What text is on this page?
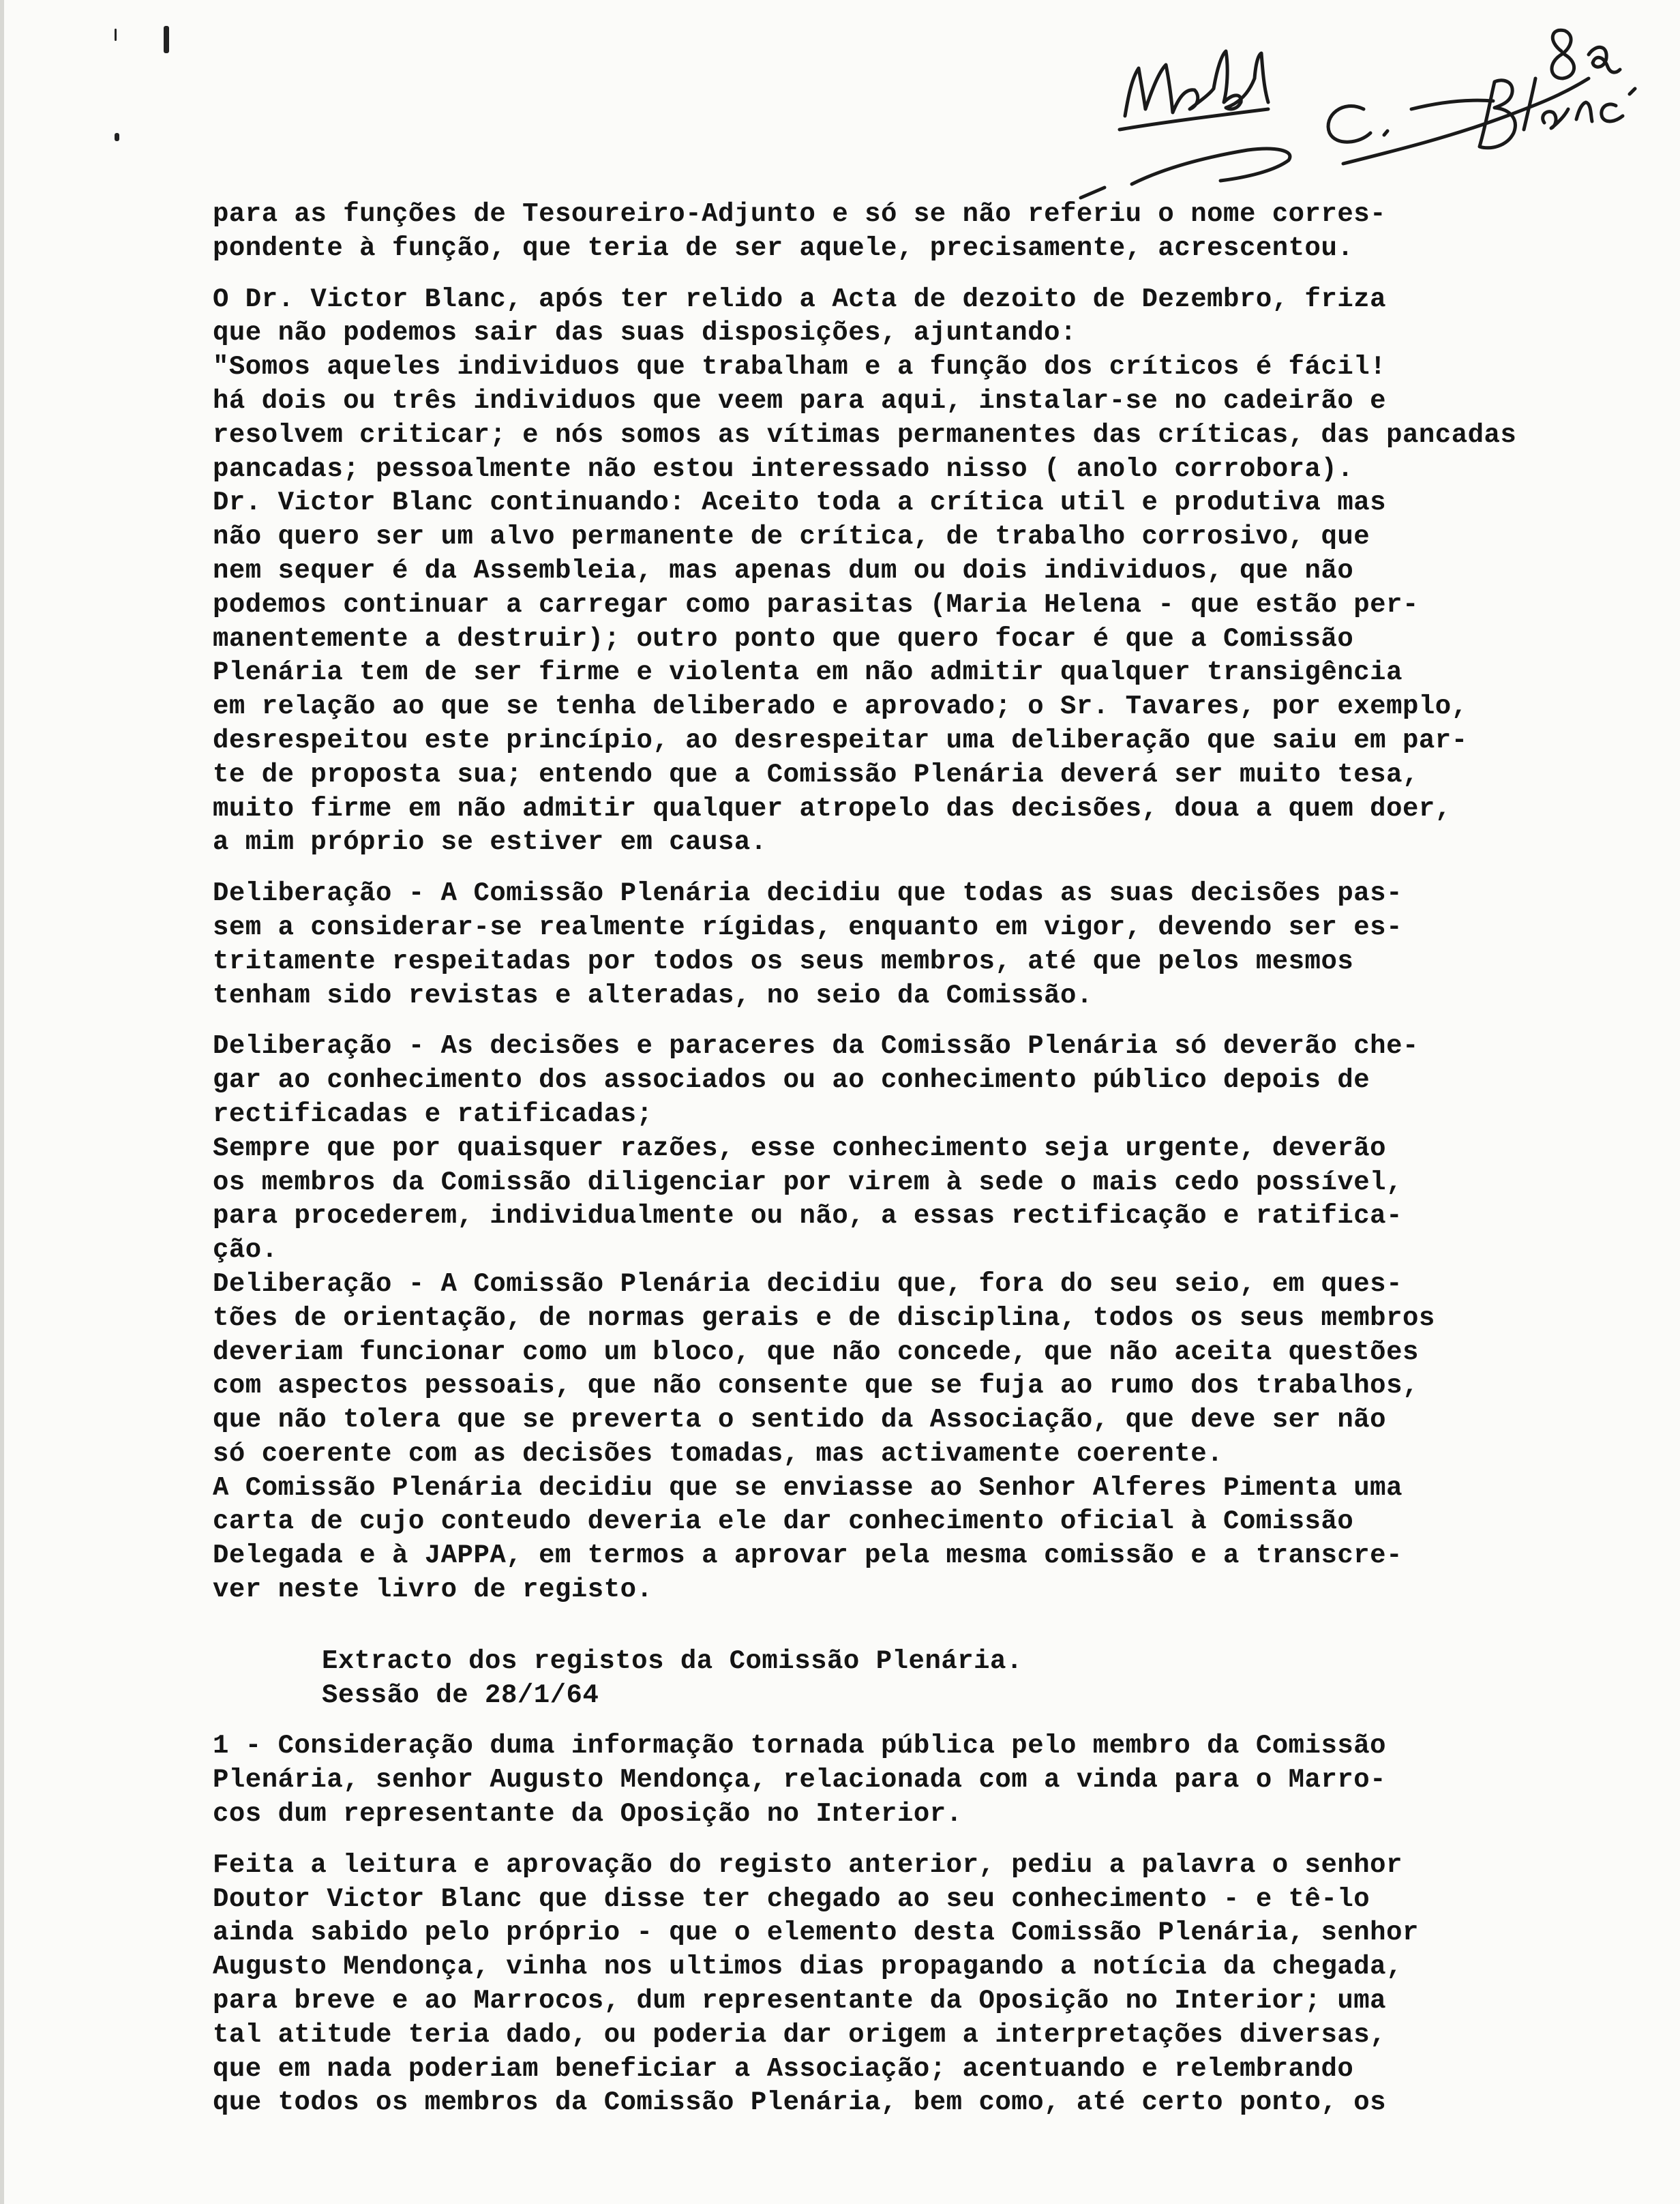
para as funções de Tesoureiro-Adjunto e só se não referiu o nome corres-
pondente à função, que teria de ser aquele, precisamente, acrescentou.

O Dr. Victor Blanc, após ter relido a Acta de dezoito de Dezembro, friza
que não podemos sair das suas disposições, ajuntando:
"Somos aqueles individuos que trabalham e a função dos críticos é fácil!
há dois ou três individuos que veem para aqui, instalar-se no cadeirão e
resolvem criticar; e nós somos as vítimas permanentes das críticas, das pancadas
pancadas; pessoalmente não estou interessado nisso ( anolo corrobora).
Dr. Victor Blanc continuando: Aceito toda a crítica util e produtiva mas
não quero ser um alvo permanente de crítica, de trabalho corrosivo, que
nem sequer é da Assembleia, mas apenas dum ou dois individuos, que não
podemos continuar a carregar como parasitas (Maria Helena - que estão per-
manentemente a destruir); outro ponto que quero focar é que a Comissão
Plenária tem de ser firme e violenta em não admitir qualquer transigência
em relação ao que se tenha deliberado e aprovado; o Sr. Tavares, por exemplo,
desrespeitou este princípio, ao desrespeitar uma deliberação que saiu em par-
te de proposta sua; entendo que a Comissão Plenária deverá ser muito tesa,
muito firme em não admitir qualquer atropelo das decisões, doua a quem doer,
a mim próprio se estiver em causa.

Deliberação - A Comissão Plenária decidiu que todas as suas decisões pas-
sem a considerar-se realmente rígidas, enquanto em vigor, devendo ser es-
tritamente respeitadas por todos os seus membros, até que pelos mesmos
tenham sido revistas e alteradas, no seio da Comissão.

Deliberação - As decisões e paraceres da Comissão Plenária só deverão che-
gar ao conhecimento dos associados ou ao conhecimento público depois de
rectificadas e ratificadas;
Sempre que por quaisquer razões, esse conhecimento seja urgente, deverão
os membros da Comissão diligenciar por virem à sede o mais cedo possível,
para procederem, individualmente ou não, a essas rectificação e ratifica-
ção.
Deliberação - A Comissão Plenária decidiu que, fora do seu seio, em ques-
tões de orientação, de normas gerais e de disciplina, todos os seus membros
deveriam funcionar como um bloco, que não concede, que não aceita questões
com aspectos pessoais, que não consente que se fuja ao rumo dos trabalhos,
que não tolera que se preverta o sentido da Associação, que deve ser não
só coerente com as decisões tomadas, mas activamente coerente.
A Comissão Plenária decidiu que se enviasse ao Senhor Alferes Pimenta uma
carta de cujo conteudo deveria ele dar conhecimento oficial à Comissão
Delegada e à JAPPA, em termos a aprovar pela mesma comissão e a transcre-
ver neste livro de registo.

Extracto dos registos da Comissão Plenária.
Sessão de 28/1/64

1 - Consideração duma informação tornada pública pelo membro da Comissão
Plenária, senhor Augusto Mendonça, relacionada com a vinda para o Marro-
cos dum representante da Oposição no Interior.

Feita a leitura e aprovação do registo anterior, pediu a palavra o senhor
Doutor Victor Blanc que disse ter chegado ao seu conhecimento - e tê-lo
ainda sabido pelo próprio - que o elemento desta Comissão Plenária, senhor
Augusto Mendonça, vinha nos ultimos dias propagando a notícia da chegada,
para breve e ao Marrocos, dum representante da Oposição no Interior; uma
tal atitude teria dado, ou poderia dar origem a interpretações diversas,
que em nada poderiam beneficiar a Associação; acentuando e relembrando
que todos os membros da Comissão Plenária, bem como, até certo ponto, os
